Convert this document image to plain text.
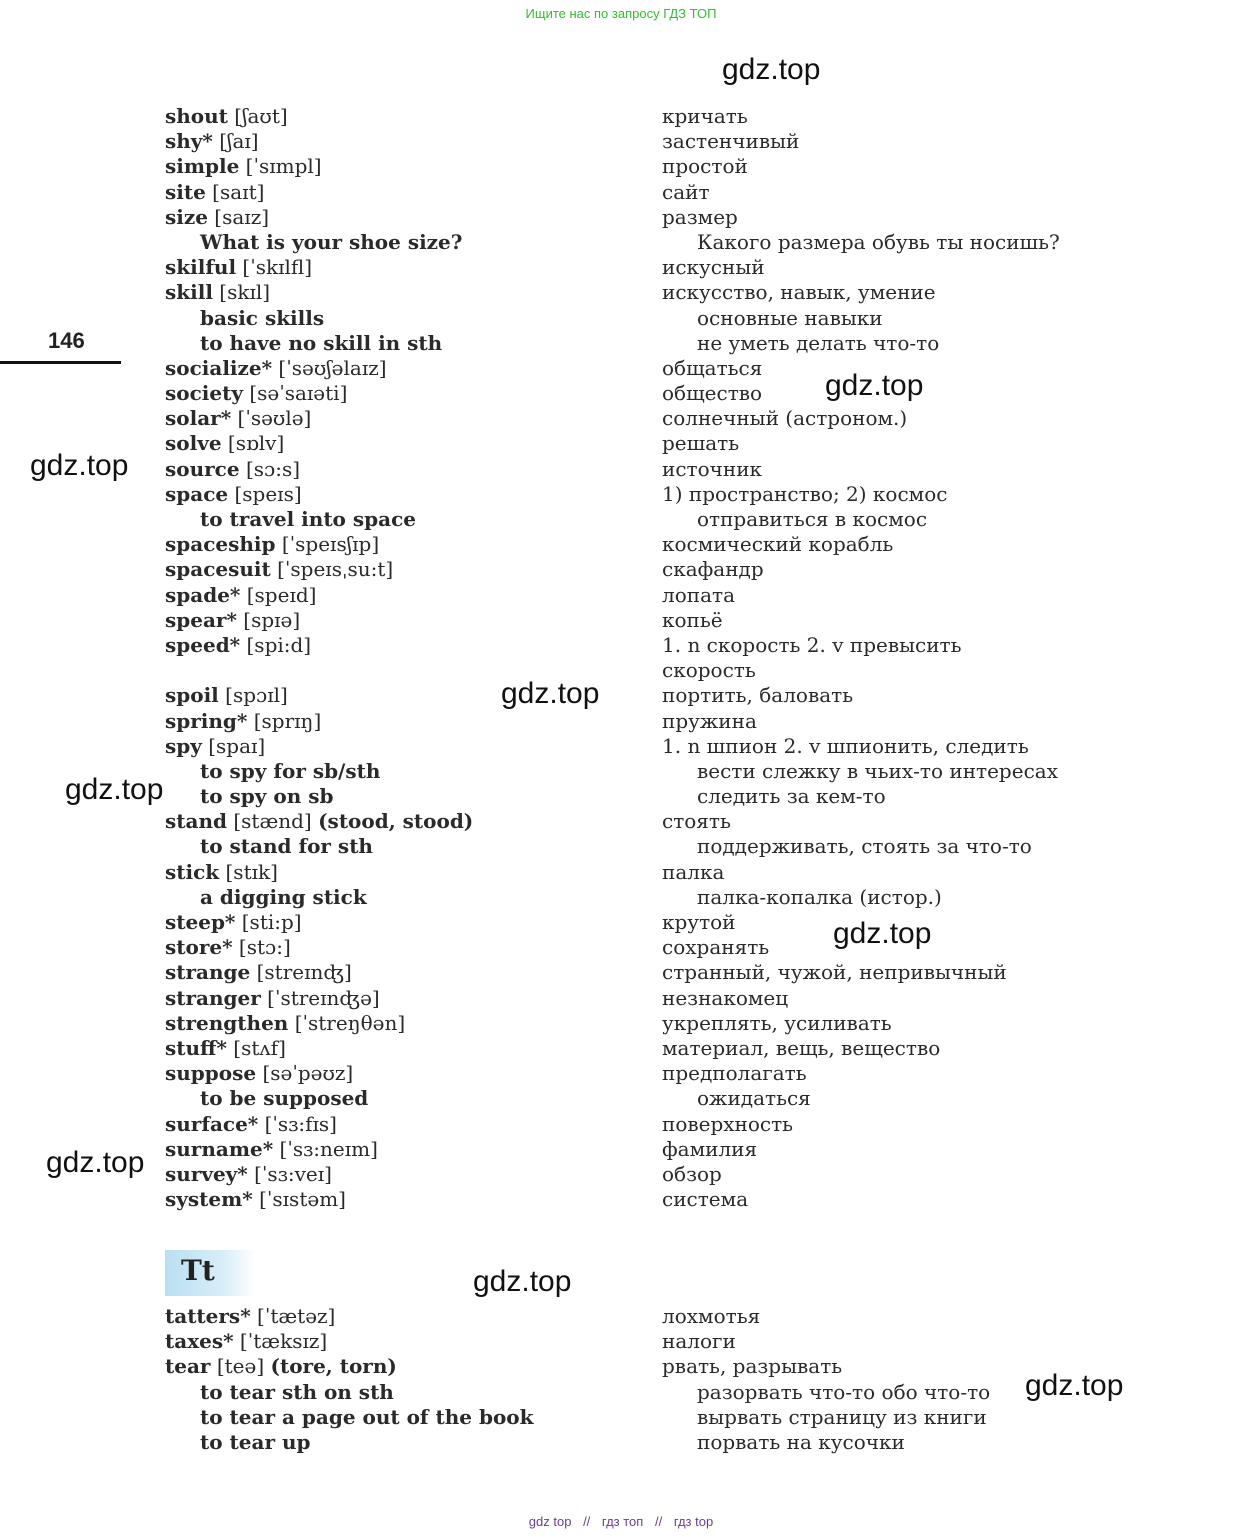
Ищите нас по запросу ГДЗ ТОП
146
gdz.top
gdz.top
gdz.top
gdz.top
gdz.top
gdz.top
gdz.top
gdz.top
gdz.top
shout [ʃaʊt]
shy* [ʃaɪ]
simple [ˈsɪmpl]
site [saɪt]
size [saɪz]
What is your shoe size?
skilful [ˈskɪlfl]
skill [skɪl]
basic skills
to have no skill in sth
socialize* [ˈsəʊʃəlaɪz]
society [səˈsaɪəti]
solar* [ˈsəʊlə]
solve [sɒlv]
source [sɔ:s]
space [speɪs]
to travel into space
spaceship [ˈspeɪsʃɪp]
spacesuit [ˈspeɪsˌsu:t]
spade* [speɪd]
spear* [spɪə]
speed* [spi:d]
spoil [spɔɪl]
spring* [sprɪŋ]
spy [spaɪ]
to spy for sb/sth
to spy on sb
stand [stænd] (stood, stood)
to stand for sth
stick [stɪk]
a digging stick
steep* [sti:p]
store* [stɔ:]
strange [streɪnʤ]
stranger [ˈstreɪnʤə]
strengthen [ˈstreŋθən]
stuff* [stʌf]
suppose [səˈpəʊz]
to be supposed
surface* [ˈsɜ:fɪs]
surname* [ˈsɜ:neɪm]
survey* [ˈsɜ:veɪ]
system* [ˈsɪstəm]
кричать
застенчивый
простой
сайт
размер
Какого размера обувь ты носишь?
искусный
искусство, навык, умение
основные навыки
не уметь делать что-то
общаться
общество
солнечный (астроном.)
решать
источник
1) пространство; 2) космос
отправиться в космос
космический корабль
скафандр
лопата
копьё
1. n скорость 2. v превысить
скорость
портить, баловать
пружина
1. n шпион 2. v шпионить, следить
вести слежку в чьих-то интересах
следить за кем-то
стоять
поддерживать, стоять за что-то
палка
палка-копалка (истор.)
крутой
сохранять
странный, чужой, непривычный
незнакомец
укреплять, усиливать
материал, вещь, вещество
предполагать
ожидаться
поверхность
фамилия
обзор
система
Tt
tatters* [ˈtætəz]
taxes* [ˈtæksɪz]
tear [teə] (tore, torn)
to tear sth on sth
to tear a page out of the book
to tear up
лохмотья
налоги
рвать, разрывать
разорвать что-то обо что-то
вырвать страницу из книги
порвать на кусочки
gdz top // гдз топ // гдз top
